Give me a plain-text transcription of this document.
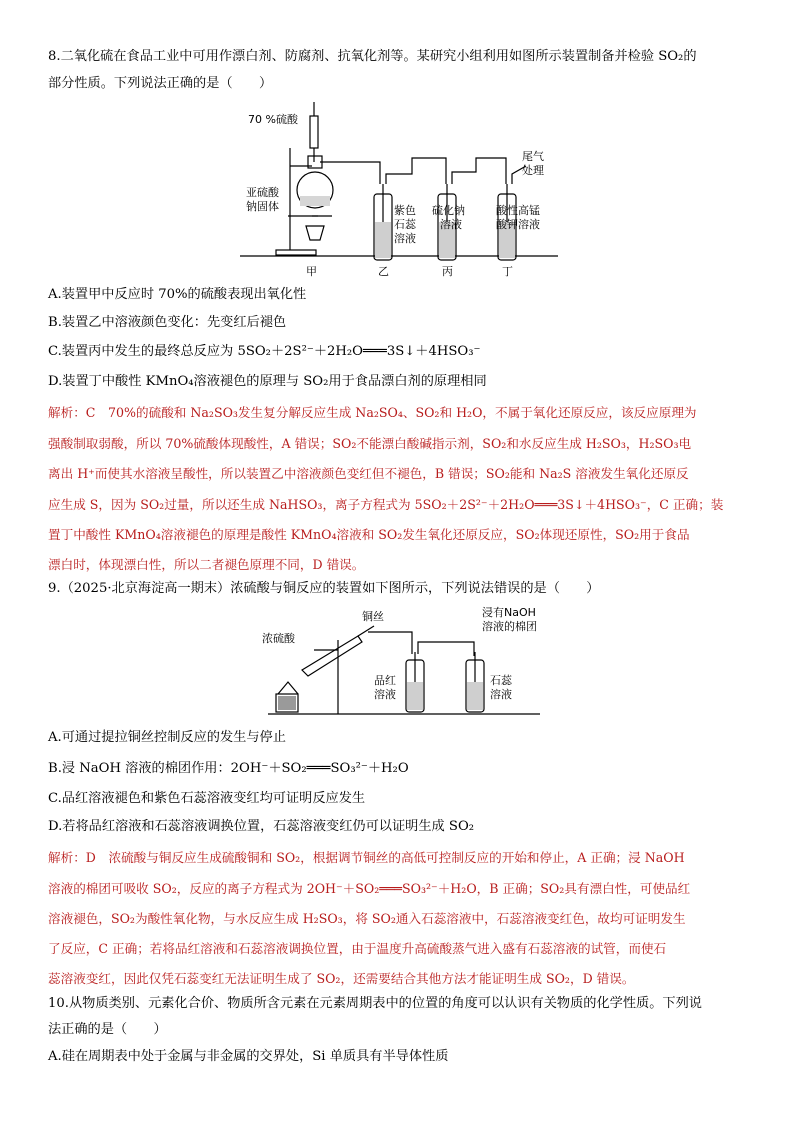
8.二氧化硫在食品工业中可用作漂白剂、防腐剂、抗氧化剂等。某研究小组利用如图所示装置制备并检验 SO₂的
部分性质。下列说法正确的是（　　）
70 %硫酸
亚硫酸
钠固体
尾气
处理
紫色
石蕊
溶液
硫化钠
溶液
酸性高锰
酸钾溶液
甲	乙	丙	丁
A.装置甲中反应时 70%的硫酸表现出氧化性
B.装置乙中溶液颜色变化：先变红后褪色
C.装置丙中发生的最终总反应为 5SO₂＋2S²⁻＋2H₂O═══3S↓＋4HSO₃⁻
D.装置丁中酸性 KMnO₄溶液褪色的原理与 SO₂用于食品漂白剂的原理相同
解析：C　70%的硫酸和 Na₂SO₃发生复分解反应生成 Na₂SO₄、SO₂和 H₂O，不属于氧化还原反应，该反应原理为
强酸制取弱酸，所以 70%硫酸体现酸性，A 错误；SO₂不能漂白酸碱指示剂，SO₂和水反应生成 H₂SO₃，H₂SO₃电
离出 H⁺而使其水溶液呈酸性，所以装置乙中溶液颜色变红但不褪色，B 错误；SO₂能和 Na₂S 溶液发生氧化还原反
应生成 S，因为 SO₂过量，所以还生成 NaHSO₃，离子方程式为 5SO₂＋2S²⁻＋2H₂O═══3S↓＋4HSO₃⁻，C 正确；装
置丁中酸性 KMnO₄溶液褪色的原理是酸性 KMnO₄溶液和 SO₂发生氧化还原反应，SO₂体现还原性，SO₂用于食品
漂白时，体现漂白性，所以二者褪色原理不同，D 错误。
9.（2025·北京海淀高一期末）浓硫酸与铜反应的装置如下图所示，下列说法错误的是（　　）
浓硫酸
铜丝	浸有NaOH
溶液的棉团
品红
溶液
石蕊
溶液
A.可通过提拉铜丝控制反应的发生与停止
B.浸 NaOH 溶液的棉团作用：2OH⁻＋SO₂═══SO₃²⁻＋H₂O
C.品红溶液褪色和紫色石蕊溶液变红均可证明反应发生
D.若将品红溶液和石蕊溶液调换位置，石蕊溶液变红仍可以证明生成 SO₂
解析：D　浓硫酸与铜反应生成硫酸铜和 SO₂，根据调节铜丝的高低可控制反应的开始和停止，A 正确；浸 NaOH
溶液的棉团可吸收 SO₂，反应的离子方程式为 2OH⁻＋SO₂═══SO₃²⁻＋H₂O，B 正确；SO₂具有漂白性，可使品红
溶液褪色，SO₂为酸性氧化物，与水反应生成 H₂SO₃，将 SO₂通入石蕊溶液中，石蕊溶液变红色，故均可证明发生
了反应，C 正确；若将品红溶液和石蕊溶液调换位置，由于温度升高硫酸蒸气进入盛有石蕊溶液的试管，而使石
蕊溶液变红，因此仅凭石蕊变红无法证明生成了 SO₂，还需要结合其他方法才能证明生成 SO₂，D 错误。
10.从物质类别、元素化合价、物质所含元素在元素周期表中的位置的角度可以认识有关物质的化学性质。下列说
法正确的是（　　）
A.硅在周期表中处于金属与非金属的交界处，Si 单质具有半导体性质
